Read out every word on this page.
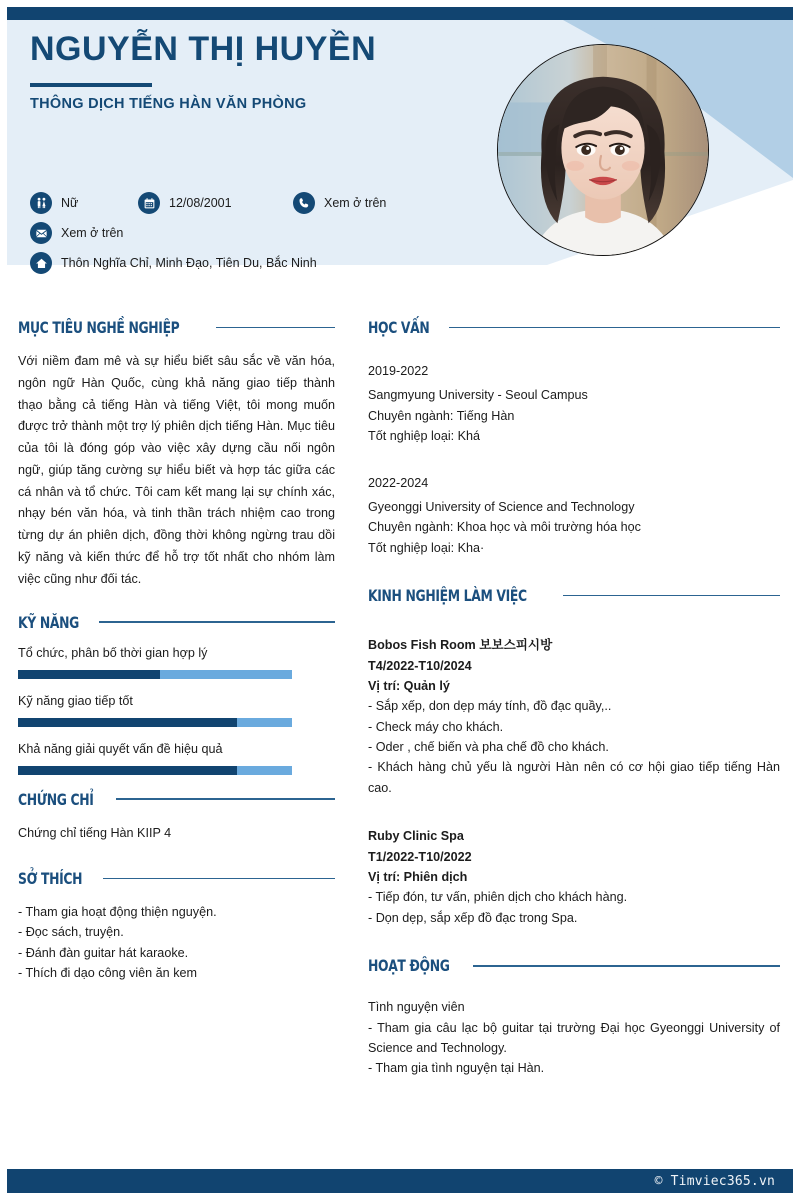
NGUYỄN THỊ HUYỀN
THÔNG DỊCH TIẾNG HÀN VĂN PHÒNG
Nữ	12/08/2001	Xem ở trên
Xem ở trên
Thôn Nghĩa Chỉ, Minh Đạo, Tiên Du, Bắc Ninh
MỤC TIÊU NGHỀ NGHIỆP

Với niềm đam mê và sự hiểu biết sâu sắc về văn hóa, ngôn ngữ Hàn Quốc, cùng khả năng giao tiếp thành thạo bằng cả tiếng Hàn và tiếng Việt, tôi mong muốn được trở thành một trợ lý phiên dịch tiếng Hàn. Mục tiêu của tôi là đóng góp vào việc xây dựng cầu nối ngôn ngữ, giúp tăng cường sự hiểu biết và hợp tác giữa các cá nhân và tổ chức. Tôi cam kết mang lại sự chính xác, nhạy bén văn hóa, và tinh thần trách nhiệm cao trong từng dự án phiên dịch, đồng thời không ngừng trau dồi kỹ năng và kiến thức để hỗ trợ tốt nhất cho nhóm làm việc cũng như đối tác.

KỸ NĂNG
Tổ chức, phân bố thời gian hợp lý
Kỹ năng giao tiếp tốt
Khả năng giải quyết vấn đề hiệu quả
CHỨNG CHỈ
Chứng chỉ tiếng Hàn KIIP 4
SỞ THÍCH
- Tham gia hoạt động thiện nguyện.
- Đọc sách, truyện.
- Đánh đàn guitar hát karaoke.
- Thích đi dạo công viên ăn kem
HỌC VẤN
2019-2022
Sangmyung University - Seoul Campus
Chuyên ngành: Tiếng Hàn
Tốt nghiệp loại: Khá
2022-2024
Gyeonggi University of Science and Technology
Chuyên ngành: Khoa học và môi trường hóa học
Tốt nghiệp loại: Kha·
KINH NGHIỆM LÀM VIỆC
Bobos Fish Room 보보스피시방
T4/2022-T10/2024
Vị trí: Quản lý
- Sắp xếp, don dẹp máy tính, đồ đạc quầy,..
- Check máy cho khách.
- Oder , chế biến và pha chế đồ cho khách.
- Khách hàng chủ yếu là người Hàn nên có cơ hội giao tiếp tiếng Hàn cao.
Ruby Clinic Spa
T1/2022-T10/2022
Vị trí: Phiên dịch
- Tiếp đón, tư vấn, phiên dịch cho khách hàng.
- Dọn dẹp, sắp xếp đồ đạc trong Spa.
HOẠT ĐỘNG
Tình nguyện viên
- Tham gia câu lạc bộ guitar tại trường Đại học Gyeonggi University of Science and Technology.
- Tham gia tình nguyện tại Hàn.
© Timviec365.vn
